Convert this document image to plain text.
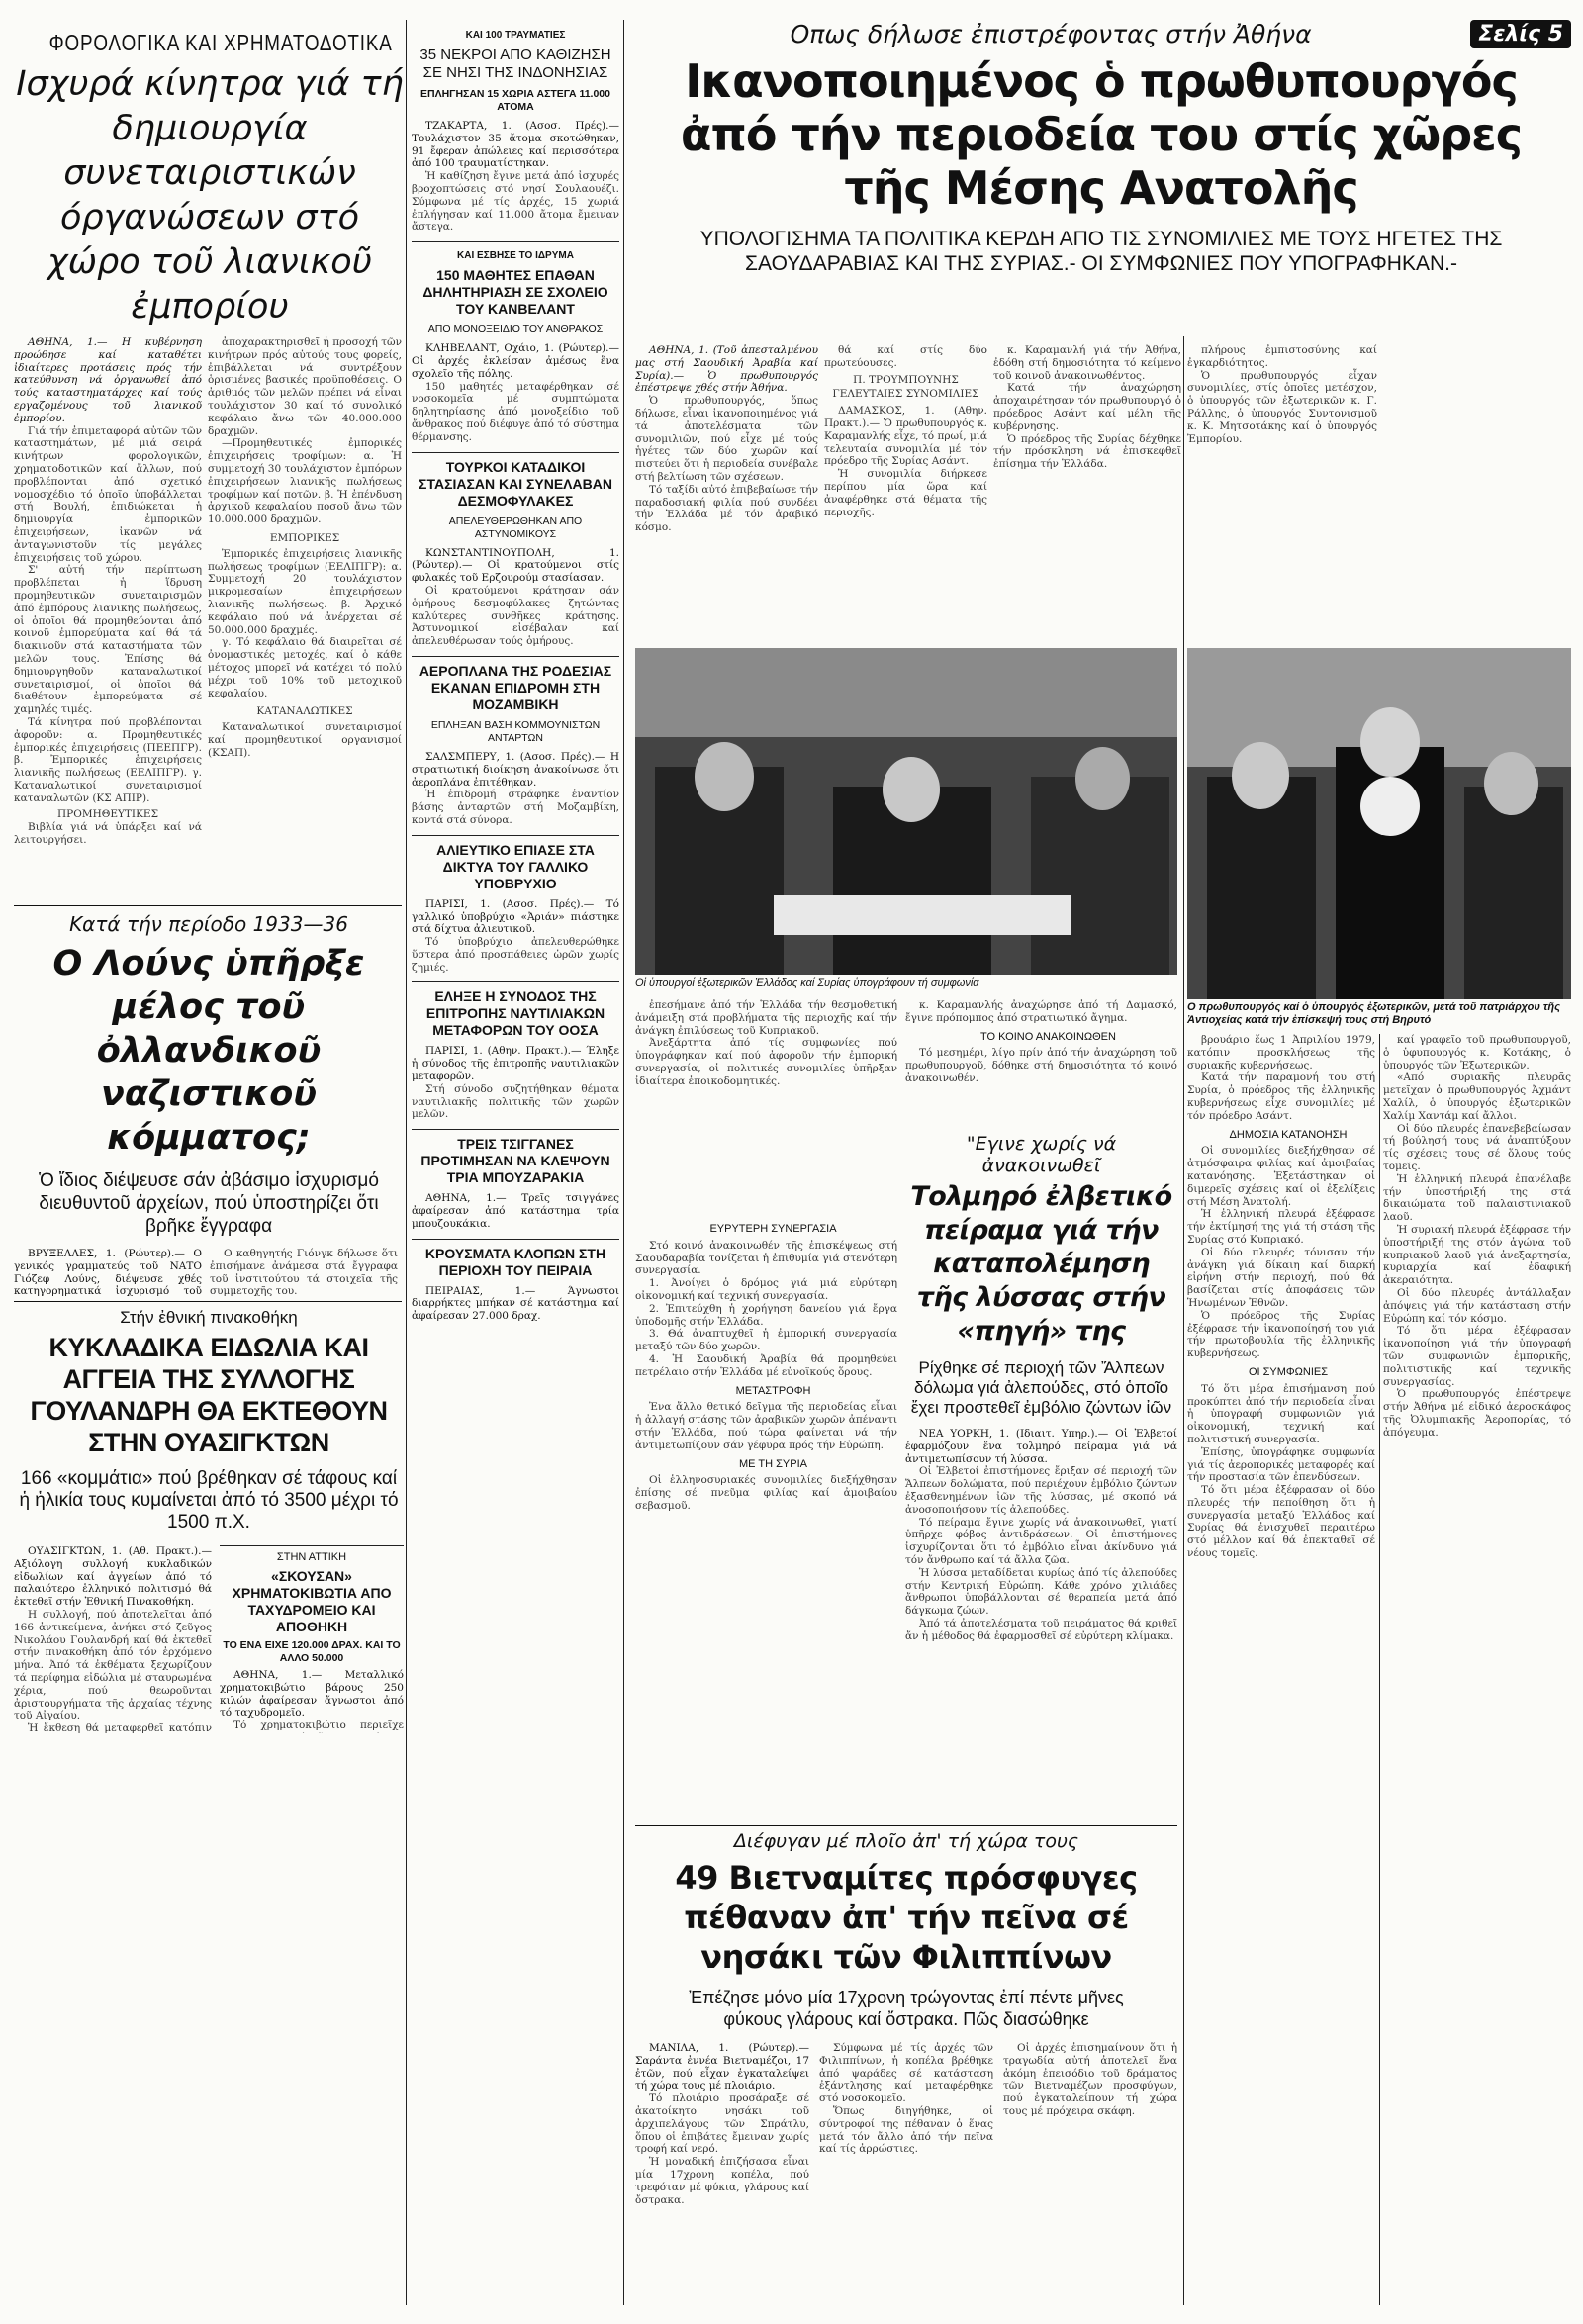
ΦΟΡΟΛΟΓΙΚΑ ΚΑΙ ΧΡΗΜΑΤΟΔΟΤΙΚΑ
Ισχυρά κίνητρα γιά τή δημιουργία συνεταιριστικών όργανώσεων στό χώρο τοῦ λιανικοῦ ἐμπορίου

ΑΘΗΝΑ, 1.— Η κυβέρνηση προώθησε καί καταθέτει ἰδιαίτερες προτάσεις πρός τήν κατεύθυνση νά ὀργανωθεί ἀπό τούς καταστηματάρχες καί τούς εργαζομένους τοῦ λιανικοῦ ἐμπορίου.

Γιά τήν ἐπιμεταφορά αὐτῶν τῶν καταστημάτων, μέ μιά σειρά κινήτρων φορολογικῶν, χρηματοδοτικῶν καί ἄλλων, πού προβλέπονται ἀπό σχετικό νομοσχέδιο τό ὁποῖο ὑποβάλλεται στή Βουλή, ἐπιδιώκεται ἡ δημιουργία ἐμπορικῶν ἐπιχειρήσεων, ἰκανῶν νά ἀνταγωνιστοῦν τίς μεγάλες ἐπιχειρήσεις τοῦ χώρου.

Σ' αὐτή τήν περίπτωση προβλέπεται ἡ ἵδρυση προμηθευτικῶν συνεταιρισμῶν ἀπό ἐμπόρους λιανικῆς πωλήσεως, οἱ ὁποῖοι θά προμηθεύονται ἀπό κοινοῦ ἐμπορεύματα καί θά τά διακινοῦν στά καταστήματα τῶν μελῶν τους. Ἐπίσης θά δημιουργηθοῦν καταναλωτικοί συνεταιρισμοί, οἱ ὁποῖοι θά διαθέτουν ἐμπορεύματα σέ χαμηλές τιμές.

Τά κίνητρα πού προβλέπονται ἀφοροῦν: α. Προμηθευτικές ἐμπορικές ἐπιχειρήσεις (ΠΕΕΠΓΡ). β. Ἐμπορικές ἐπιχειρήσεις λιανικῆς πωλήσεως (ΕΕΛΙΠΓΡ). γ. Καταναλωτικοί συνεταιρισμοί καταναλωτῶν (ΚΣ ΑΠΙΡ).

ΠΡΟΜΗΘΕΥΤΙΚΕΣ

Βιβλία γιά νά ὑπάρξει καί νά λειτουργήσει.

ἀποχαρακτηρισθεῖ ἡ προσοχή τῶν κινήτρων πρός αὐτούς τους φορείς, ἐπιβάλλεται νά συντρέξουν ὁρισμένες βασικές προϋποθέσεις. Ο ἀριθμός τῶν μελῶν πρέπει νά εἶναι τουλάχιστον 30 καί τό συνολικό κεφάλαιο ἄνω τῶν 40.000.000 δραχμῶν.

—Προμηθευτικές ἐμπορικές ἐπιχειρήσεις τροφίμων: α. Ἡ συμμετοχή 30 τουλάχιστον ἐμπόρων ἐπιχειρήσεων λιανικῆς πωλήσεως τροφίμων καί ποτῶν. β. Ἡ ἐπένδυση ἀρχικοῦ κεφαλαίου ποσοῦ ἄνω τῶν 10.000.000 δραχμῶν.

ΕΜΠΟΡΙΚΕΣ

Ἐμπορικές ἐπιχειρήσεις λιανικῆς πωλήσεως τροφίμων (ΕΕΛΙΠΓΡ): α. Συμμετοχή 20 τουλάχιστον μικρομεσαίων ἐπιχειρήσεων λιανικῆς πωλήσεως. β. Ἀρχικό κεφάλαιο πού νά ἀνέρχεται σέ 50.000.000 δραχμές.

γ. Τό κεφάλαιο θά διαιρεῖται σέ ὀνομαστικές μετοχές, καί ὁ κάθε μέτοχος μπορεῖ νά κατέχει τό πολύ μέχρι τοῦ 10% τοῦ μετοχικοῦ κεφαλαίου.

ΚΑΤΑΝΑΛΩΤΙΚΕΣ

Καταναλωτικοί συνεταιρισμοί καί προμηθευτικοί οργανισμοί (ΚΣΑΠ).

Κατά τήν περίοδο 1933—36
Ο Λούνς ὑπῆρξε μέλος τοῦ ὀλλανδικοῦ ναζιστικοῦ κόμματος;
Ὁ ἴδιος διέψευσε σάν ἀβάσιμο ἰσχυρισμό διευθυντοῦ ἀρχείων, πού ὑποστηρίζει ὅτι βρῆκε ἔγγραφα

ΒΡΥΞΕΛΛΕΣ, 1. (Ρώυτερ).— Ο γενικός γραμματεύς τοῦ ΝΑΤΟ Γιόζεφ Λούνς, διέψευσε χθές κατηγορηματικά ἰσχυρισμό τοῦ

Ο καθηγητής Γιόνγκ δήλωσε ὅτι ἐπισήμανε ἀνάμεσα στά ἔγγραφα τοῦ ἰνστιτούτου τά στοιχεῖα τῆς συμμετοχῆς του.

Στήν ἐθνική πινακοθήκη
ΚΥΚΛΑΔΙΚΑ ΕΙΔΩΛΙΑ ΚΑΙ ΑΓΓΕΙΑ ΤΗΣ ΣΥΛΛΟΓΗΣ ΓΟΥΛΑΝΔΡΗ ΘΑ ΕΚΤΕΘΟΥΝ ΣΤΗΝ ΟΥΑΣΙΓΚΤΩΝ
166 «κομμάτια» πού βρέθηκαν σέ τάφους καί ἡ ἡλικία τους κυμαίνεται ἀπό τό 3500 μέχρι τό 1500 π.Χ.

ΟΥΑΣΙΓΚΤΩΝ, 1. (Αθ. Πρακτ.).— Αξιόλογη συλλογή κυκλαδικών εἰδωλίων καί ἀγγείων ἀπό τό παλαιότερο ἑλληνικό πολιτισμό θά ἐκτεθεῖ στήν Ἐθνική Πινακοθήκη.

Η συλλογή, πού ἀποτελεῖται ἀπό 166 ἀντικείμενα, ἀνήκει στό ζεῦγος Νικολάου Γουλανδρή καί θά ἐκτεθεῖ στήν πινακοθήκη ἀπό τόν ἐρχόμενο μήνα. Ἀπό τά ἐκθέματα ξεχωρίζουν τά περίφημα εἰδώλια μέ σταυρωμένα χέρια, πού θεωροῦνται ἀριστουργήματα τῆς ἀρχαίας τέχνης τοῦ Αἰγαίου.

Ἡ ἔκθεση θά μεταφερθεῖ κατόπιν

ΣΤΗΝ ΑΤΤΙΚΗ
«ΣΚΟΥΣΑΝ» ΧΡΗΜΑΤΟΚΙΒΩΤΙΑ ΑΠΟ ΤΑΧΥΔΡΟΜΕΙΟ ΚΑΙ ΑΠΟΘΗΚΗ
ΤΟ ΕΝΑ ΕΙΧΕ 120.000 ΔΡΑΧ. ΚΑΙ ΤΟ ΑΛΛΟ 50.000

ΑΘΗΝΑ, 1.— Μεταλλικό χρηματοκιβώτιο βάρους 250 κιλών ἀφαίρεσαν ἄγνωστοι ἀπό τό ταχυδρομεῖο.

Τό χρηματοκιβώτιο περιεῖχε

ΚΑΙ 100 ΤΡΑΥΜΑΤΙΕΣ
35 ΝΕΚΡΟΙ ΑΠΟ ΚΑΘΙΖΗΣΗ ΣΕ ΝΗΣΙ ΤΗΣ ΙΝΔΟΝΗΣΙΑΣ
ΕΠΛΗΓΗΣΑΝ 15 ΧΩΡΙΑ ΑΣΤΕΓΑ 11.000 ΑΤΟΜΑ

ΤΖΑΚΑΡΤΑ, 1. (Ασοσ. Πρές).— Τουλάχιστον 35 ἄτομα σκοτώθηκαν, 91 ἔφεραν ἀπώλειες καί περισσότερα ἀπό 100 τραυματίστηκαν.

Ἡ καθίζηση ἔγινε μετά ἀπό ἰσχυρές βροχοπτώσεις στό νησί Σουλαουέζι. Σύμφωνα μέ τίς ἀρχές, 15 χωριά ἐπλήγησαν καί 11.000 ἄτομα ἔμειναν ἄστεγα.

ΚΑΙ ΕΣΒΗΣΕ ΤΟ ΙΔΡΥΜΑ
150 ΜΑΘΗΤΕΣ ΕΠΑΘΑΝ ΔΗΛΗΤΗΡΙΑΣΗ ΣΕ ΣΧΟΛΕΙΟ ΤΟΥ ΚΑΝΒΕΛΑΝΤ
ΑΠΟ ΜΟΝΟΞΕΙΔΙΟ ΤΟΥ ΑΝΘΡΑΚΟΣ

ΚΛΗΒΕΛΑΝΤ, Οχάιο, 1. (Ρώυτερ).— Οἱ ἀρχές ἐκλείσαν ἀμέσως ἕνα σχολεῖο τῆς πόλης.

150 μαθητές μεταφέρθηκαν σέ νοσοκομεῖα μέ συμπτώματα δηλητηρίασης ἀπό μονοξείδιο τοῦ ἄνθρακος πού διέφυγε ἀπό τό σύστημα θέρμανσης.

ΤΟΥΡΚΟΙ ΚΑΤΑΔΙΚΟΙ ΣΤΑΣΙΑΣΑΝ ΚΑΙ ΣΥΝΕΛΑΒΑΝ ΔΕΣΜΟΦΥΛΑΚΕΣ
ΑΠΕΛΕΥΘΕΡΩΘΗΚΑΝ ΑΠΟ ΑΣΤΥΝΟΜΙΚΟΥΣ

ΚΩΝΣΤΑΝΤΙΝΟΥΠΟΛΗ, 1. (Ρώυτερ).— Οἱ κρατούμενοι στίς φυλακές τοῦ Ερζουρούμ στασίασαν.

Οἱ κρατούμενοι κράτησαν σάν ὁμήρους δεσμοφύλακες ζητώντας καλύτερες συνθῆκες κράτησης. Ἀστυνομικοί εἰσέβαλαν καί ἀπελευθέρωσαν τούς ὁμήρους.

ΑΕΡΟΠΛΑΝΑ ΤΗΣ ΡΟΔΕΣΙΑΣ ΕΚΑΝΑΝ ΕΠΙΔΡΟΜΗ ΣΤΗ ΜΟΖΑΜΒΙΚΗ
ΕΠΛΗΞΑΝ ΒΑΣΗ ΚΟΜΜΟΥΝΙΣΤΩΝ ΑΝΤΑΡΤΩΝ

ΣΑΛΣΜΠΕΡΥ, 1. (Ασοσ. Πρές).— Η στρατιωτική διοίκηση ἀνακοίνωσε ὅτι ἀεροπλάνα ἐπιτέθηκαν.

Ἡ ἐπιδρομή στράφηκε ἐναντίον βάσης ἀνταρτῶν στή Μοζαμβίκη, κοντά στά σύνορα.

ΑΛΙΕΥΤΙΚΟ ΕΠΙΑΣΕ ΣΤΑ ΔΙΚΤΥΑ ΤΟΥ ΓΑΛΛΙΚΟ ΥΠΟΒΡΥΧΙΟ

ΠΑΡΙΣΙ, 1. (Ασοσ. Πρές).— Τό γαλλικό ὑποβρύχιο «Ἀριάν» πιάστηκε στά δίχτυα ἀλιευτικοῦ.

Τό ὑποβρύχιο ἀπελευθερώθηκε ὕστερα ἀπό προσπάθειες ὡρῶν χωρίς ζημιές.

ΕΛΗΞΕ Η ΣΥΝΟΔΟΣ ΤΗΣ ΕΠΙΤΡΟΠΗΣ ΝΑΥΤΙΛΙΑΚΩΝ ΜΕΤΑΦΟΡΩΝ ΤΟΥ ΟΟΣΑ

ΠΑΡΙΣΙ, 1. (Αθην. Πρακτ.).— Έληξε ἡ σύνοδος τῆς ἐπιτροπῆς ναυτιλιακῶν μεταφορῶν.

Στή σύνοδο συζητήθηκαν θέματα ναυτιλιακῆς πολιτικῆς τῶν χωρῶν μελῶν.

ΤΡΕΙΣ ΤΣΙΓΓΑΝΕΣ ΠΡΟΤΙΜΗΣΑΝ ΝΑ ΚΛΕΨΟΥΝ ΤΡΙΑ ΜΠΟΥΖΑΡΑΚΙΑ

ΑΘΗΝΑ, 1.— Τρεῖς τσιγγάνες ἀφαίρεσαν ἀπό κατάστημα τρία μπουζουκάκια.

ΚΡΟΥΣΜΑΤΑ ΚΛΟΠΩΝ ΣΤΗ ΠΕΡΙΟΧΗ ΤΟΥ ΠΕΙΡΑΙΑ

ΠΕΙΡΑΙΑΣ, 1.— Άγνωστοι διαρρήκτες μπήκαν σέ κατάστημα καί ἀφαίρεσαν 27.000 δραχ.

Οπως δήλωσε ἐπιστρέφοντας στήν Ἀθήνα	Σελίς 5
Ικανοποιημένος ὁ πρωθυπουργός ἀπό τήν περιοδεία του στίς χῶρες τῆς Μέσης Ανατολῆς
ΥΠΟΛΟΓΙΣΗΜΑ ΤΑ ΠΟΛΙΤΙΚΑ ΚΕΡΔΗ ΑΠΟ ΤΙΣ ΣΥΝΟΜΙΛΙΕΣ ΜΕ ΤΟΥΣ ΗΓΕΤΕΣ ΤΗΣ ΣΑΟΥΔΑΡΑΒΙΑΣ ΚΑΙ ΤΗΣ ΣΥΡΙΑΣ.- ΟΙ ΣΥΜΦΩΝΙΕΣ ΠΟΥ ΥΠΟΓΡΑΦΗΚΑΝ.-

ΑΘΗΝΑ, 1. (Τοῦ ἀπεσταλμένου μας στή Σαουδική Ἀραβία καί Συρία).— Ὁ πρωθυπουργός ἐπέστρεψε χθές στήν Ἀθήνα.

Ὁ πρωθυπουργός, ὅπως δήλωσε, εἶναι ἱκανοποιημένος γιά τά ἀποτελέσματα τῶν συνομιλιῶν, πού εἶχε μέ τούς ἡγέτες τῶν δύο χωρῶν καί πιστεύει ὅτι ἡ περιοδεία συνέβαλε στή βελτίωση τῶν σχέσεων.

Τό ταξίδι αὐτό ἐπιβεβαίωσε τήν παραδοσιακή φιλία πού συνδέει τήν Ἑλλάδα μέ τόν ἀραβικό κόσμο.

θά καί στίς δύο πρωτεύουσες.

Π. ΤΡΟΥΜΠΟΥΝΗΣ

ΓΕΛΕΥΤΑΙΕΣ ΣΥΝΟΜΙΛΙΕΣ

ΔΑΜΑΣΚΟΣ, 1. (Αθην. Πρακτ.).— Ὁ πρωθυπουργός κ. Καραμανλής εἶχε, τό πρωί, μιά τελευταία συνομιλία μέ τόν πρόεδρο τῆς Συρίας Ασάντ.

Ἡ συνομιλία διήρκεσε περίπου μία ὥρα καί ἀναφέρθηκε στά θέματα τῆς περιοχῆς.

κ. Καραμανλή γιά τήν Ἀθήνα, ἐδόθη στή δημοσιότητα τό κείμενο τοῦ κοινοῦ ἀνακοινωθέντος.

Κατά τήν ἀναχώρηση ἀποχαιρέτησαν τόν πρωθυπουργό ὁ πρόεδρος Ασάντ καί μέλη τῆς κυβέρνησης.

Ὁ πρόεδρος τῆς Συρίας δέχθηκε τήν πρόσκληση νά ἐπισκεφθεῖ ἐπίσημα τήν Ἑλλάδα.

πλήρους ἐμπιστοσύνης καί ἐγκαρδιότητος.

Ὁ πρωθυπουργός εἶχαν συνομιλίες, στίς ὁποῖες μετέσχον, ὁ ὑπουργός τῶν ἐξωτερικῶν κ. Γ. Ράλλης, ὁ ὑπουργός Συντονισμοῦ κ. Κ. Μητσοτάκης καί ὁ ὑπουργός Ἐμπορίου.

Οἱ ὑπουργοί ἐξωτερικῶν Ἑλλάδος καί Συρίας ὑπογράφουν τή συμφωνία
Ο πρωθυπουργός καί ὁ ὑπουργός ἐξωτερικῶν, μετά τοῦ πατριάρχου τῆς Ἀντιοχείας κατά τήν ἐπίσκεψή τους στή Βηρυτό

ἐπεσήμανε ἀπό τήν Ἑλλάδα τήν θεσμοθετική ἀνάμειξη στά προβλήματα τῆς περιοχῆς καί τήν ἀνάγκη ἐπιλύσεως τοῦ Κυπριακοῦ.

Ἀνεξάρτητα ἀπό τίς συμφωνίες πού ὑπογράφηκαν καί πού ἀφοροῦν τήν ἐμπορική συνεργασία, οἱ πολιτικές συνομιλίες ὑπῆρξαν ἰδιαίτερα ἐποικοδομητικές.

κ. Καραμανλής ἀναχώρησε ἀπό τή Δαμασκό, ἔγινε πρόπομπος ἀπό στρατιωτικό ἄγημα.

ΤΟ ΚΟΙΝΟ ΑΝΑΚΟΙΝΩΘΕΝ

Τό μεσημέρι, λίγο πρίν ἀπό τήν ἀναχώρηση τοῦ πρωθυπουργοῦ, δόθηκε στή δημοσιότητα τό κοινό ἀνακοινωθέν.

βρουάριο ἕως 1 Ἀπριλίου 1979, κατόπιν προσκλήσεως τῆς συριακῆς κυβερνήσεως.

Κατά τήν παραμονή του στή Συρία, ὁ πρόεδρος τῆς ἑλληνικῆς κυβερνήσεως εἶχε συνομιλίες μέ τόν πρόεδρο Ασάντ.

ΔΗΜΟΣΙΑ ΚΑΤΑΝΟΗΣΗ

Οἱ συνομιλίες διεξήχθησαν σέ ἀτμόσφαιρα φιλίας καί ἀμοιβαίας κατανόησης. Ἐξετάστηκαν οἱ διμερεῖς σχέσεις καί οἱ ἐξελίξεις στή Μέση Ἀνατολή.

Ἡ ἑλληνική πλευρά ἐξέφρασε τήν ἐκτίμησή της γιά τή στάση τῆς Συρίας στό Κυπριακό.

Οἱ δύο πλευρές τόνισαν τήν ἀνάγκη γιά δίκαιη καί διαρκή εἰρήνη στήν περιοχή, πού θά βασίζεται στίς ἀποφάσεις τῶν Ἡνωμένων Ἐθνῶν.

Ὁ πρόεδρος τῆς Συρίας ἐξέφρασε τήν ἱκανοποίησή του γιά τήν πρωτοβουλία τῆς ἑλληνικῆς κυβερνήσεως.

ΟΙ ΣΥΜΦΩΝΙΕΣ

Τό ὅτι μέρα ἐπισήμανση πού προκύπτει ἀπό τήν περιοδεία εἶναι ἡ ὑπογραφή συμφωνιῶν γιά οἰκονομική, τεχνική καί πολιτιστική συνεργασία.

Ἐπίσης, ὑπογράφηκε συμφωνία γιά τίς ἀεροπορικές μεταφορές καί τήν προστασία τῶν ἐπενδύσεων.

Τό ὅτι μέρα ἐξέφρασαν οἱ δύο πλευρές τήν πεποίθηση ὅτι ἡ συνεργασία μεταξύ Ἑλλάδος καί Συρίας θά ἐνισχυθεῖ περαιτέρω στό μέλλον καί θά ἐπεκταθεῖ σέ νέους τομεῖς.

καί γραφεῖο τοῦ πρωθυπουργοῦ, ὁ ὑφυπουργός κ. Κοτάκης, ὁ ὑπουργός τῶν Ἐξωτερικῶν.

«Από συριακῆς πλευρᾶς μετεῖχαν ὁ πρωθυπουργός Ἀχμάντ Χαλίλ, ὁ ὑπουργός ἐξωτερικῶν Χαλίμ Χαντάμ καί ἄλλοι.

Οἱ δύο πλευρές ἐπανεβεβαίωσαν τή βούλησή τους νά ἀναπτύξουν τίς σχέσεις τους σέ ὅλους τούς τομεῖς.

Ἡ ἑλληνική πλευρά ἐπανέλαβε τήν ὑποστήριξή της στά δικαιώματα τοῦ παλαιστινιακοῦ λαοῦ.

Ἡ συριακή πλευρά ἐξέφρασε τήν ὑποστήριξή της στόν ἀγώνα τοῦ κυπριακοῦ λαοῦ γιά ἀνεξαρτησία, κυριαρχία καί ἐδαφική ἀκεραιότητα.

Οἱ δύο πλευρές ἀντάλλαξαν ἀπόψεις γιά τήν κατάσταση στήν Εὐρώπη καί τόν κόσμο.

Τό ὅτι μέρα ἐξέφρασαν ἱκανοποίηση γιά τήν ὑπογραφή τῶν συμφωνιῶν ἐμπορικῆς, πολιτιστικῆς καί τεχνικῆς συνεργασίας.

Ὁ πρωθυπουργός ἐπέστρεψε στήν Ἀθήνα μέ εἰδικό ἀεροσκάφος τῆς Ὀλυμπιακῆς Ἀεροπορίας, τό ἀπόγευμα.

ΕΥΡΥΤΕΡΗ ΣΥΝΕΡΓΑΣΙΑ

Στό κοινό ἀνακοινωθέν τῆς ἐπισκέψεως στή Σαουδαραβία τονίζεται ἡ ἐπιθυμία γιά στενότερη συνεργασία.

1. Ἀνοίγει ὁ δρόμος γιά μιά εὐρύτερη οἰκονομική καί τεχνική συνεργασία.

2. Ἐπιτεύχθη ἡ χορήγηση δανείου γιά ἔργα ὑποδομῆς στήν Ἑλλάδα.

3. Θά ἀναπτυχθεῖ ἡ ἐμπορική συνεργασία μεταξύ τῶν δύο χωρῶν.

4. Ἡ Σαουδική Ἀραβία θά προμηθεύει πετρέλαιο στήν Ἑλλάδα μέ εὐνοϊκούς ὅρους.

ΜΕΤΑΣΤΡΟΦΗ

Ἐνα ἄλλο θετικό δεῖγμα τῆς περιοδείας εἶναι ἡ ἀλλαγή στάσης τῶν ἀραβικῶν χωρῶν ἀπέναντι στήν Ἑλλάδα, πού τώρα φαίνεται νά τήν ἀντιμετωπίζουν σάν γέφυρα πρός τήν Εὐρώπη.

ΜΕ ΤΗ ΣΥΡΙΑ

Οἱ ἑλληνοσυριακές συνομιλίες διεξήχθησαν ἐπίσης σέ πνεῦμα φιλίας καί ἀμοιβαίου σεβασμοῦ.

"Εγινε χωρίς νά ἀνακοινωθεῖ
Τολμηρό ἐλβετικό πείραμα γιά τήν καταπολέμηση τῆς λύσσας στήν «πηγή» της
Ρίχθηκε σέ περιοχή τῶν Ἄλπεων δόλωμα γιά ἀλεπούδες, στό ὁποῖο ἔχει προστεθεῖ ἐμβόλιο ζώντων ἰῶν

ΝΕΑ ΥΟΡΚΗ, 1. (Ιδιαιτ. Υπηρ.).— Οἱ Ἐλβετοί ἐφαρμόζουν ἕνα τολμηρό πείραμα γιά νά ἀντιμετωπίσουν τή λύσσα.

Οἱ Ἐλβετοί ἐπιστήμονες ἔριξαν σέ περιοχή τῶν Ἄλπεων δολώματα, πού περιέχουν ἐμβόλιο ζώντων ἐξασθενημένων ἰῶν τῆς λύσσας, μέ σκοπό νά ἀνοσοποιήσουν τίς ἀλεπούδες.

Τό πείραμα ἔγινε χωρίς νά ἀνακοινωθεῖ, γιατί ὑπῆρχε φόβος ἀντιδράσεων. Οἱ ἐπιστήμονες ἰσχυρίζονται ὅτι τό ἐμβόλιο εἶναι ἀκίνδυνο γιά τόν ἄνθρωπο καί τά ἄλλα ζῶα.

Ἡ λύσσα μεταδίδεται κυρίως ἀπό τίς ἀλεπούδες στήν Κεντρική Εὐρώπη. Κάθε χρόνο χιλιάδες ἄνθρωποι ὑποβάλλονται σέ θεραπεία μετά ἀπό δάγκωμα ζώων.

Ἀπό τά ἀποτελέσματα τοῦ πειράματος θά κριθεῖ ἄν ἡ μέθοδος θά ἐφαρμοσθεῖ σέ εὐρύτερη κλίμακα.

Διέφυγαν μέ πλοῖο ἀπ' τή χώρα τους
49 Βιετναμίτες πρόσφυγες πέθαναν ἀπ' τήν πεῖνα σέ νησάκι τῶν Φιλιππίνων
Ἐπέζησε μόνο μία 17χρονη τρώγοντας ἐπί πέντε μῆνες φύκους γλάρους καί ὄστρακα. Πῶς διασώθηκε

ΜΑΝΙΛΑ, 1. (Ρώυτερ).— Σαράντα ἐννέα Βιετναμέζοι, 17 ἐτῶν, πού εἶχαν ἐγκαταλείψει τή χώρα τους μέ πλοιάριο.

Τό πλοιάριο προσάραξε σέ ἀκατοίκητο νησάκι τοῦ ἀρχιπελάγους τῶν Σπράτλυ, ὅπου οἱ ἐπιβάτες ἔμειναν χωρίς τροφή καί νερό.

Ἡ μοναδική ἐπιζήσασα εἶναι μία 17χρονη κοπέλα, πού τρεφόταν μέ φύκια, γλάρους καί ὄστρακα.

Σύμφωνα μέ τίς ἀρχές τῶν Φιλιππίνων, ἡ κοπέλα βρέθηκε ἀπό ψαράδες σέ κατάσταση ἐξάντλησης καί μεταφέρθηκε στό νοσοκομεῖο.

Ὅπως διηγήθηκε, οἱ σύντροφοί της πέθαναν ὁ ἕνας μετά τόν ἄλλο ἀπό τήν πεῖνα καί τίς ἀρρώστιες.

Οἱ ἀρχές ἐπισημαίνουν ὅτι ἡ τραγωδία αὐτή ἀποτελεῖ ἕνα ἀκόμη ἐπεισόδιο τοῦ δράματος τῶν Βιετναμέζων προσφύγων, πού ἐγκαταλείπουν τή χώρα τους μέ πρόχειρα σκάφη.
